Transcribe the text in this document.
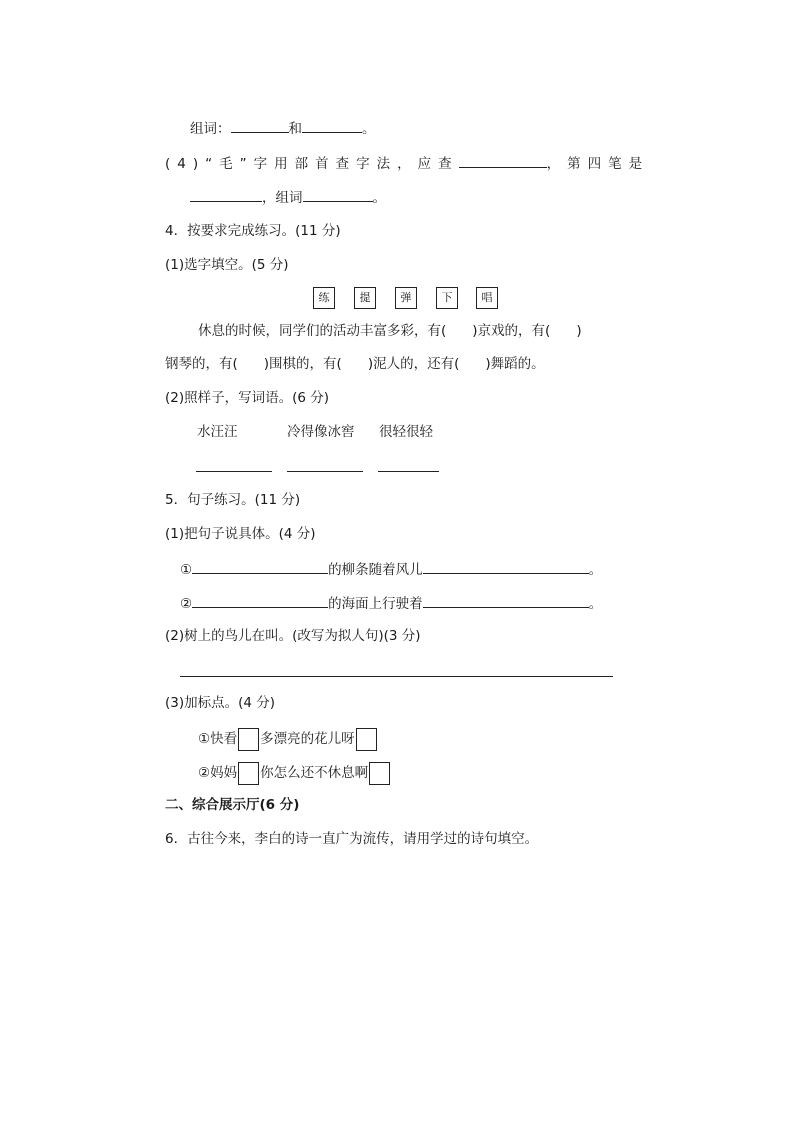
组词：	和	。
(4)“毛”字用部首查字法，应查	，第四笔是
，组词	。
4．按要求完成练习。(11 分)
(1)选字填空。(5 分)
练	提	弹	下	唱
休息的时候，同学们的活动丰富多彩，有( )京戏的，有( )
钢琴的，有( )围棋的，有( )泥人的，还有( )舞蹈的。
(2)照样子，写词语。(6 分)
水汪汪	冷得像冰窖 很轻很轻
5．句子练习。(11 分)
(1)把句子说具体。(4 分)
①	的柳条随着风儿	。
②	的海面上行驶着	。
(2)树上的鸟儿在叫。(改写为拟人句)(3 分)
(3)加标点。(4 分)
①快看 多漂亮的花儿呀
②妈妈 你怎么还不休息啊
二、综合展示厅(6 分)
6．古往今来，李白的诗一直广为流传，请用学过的诗句填空。
